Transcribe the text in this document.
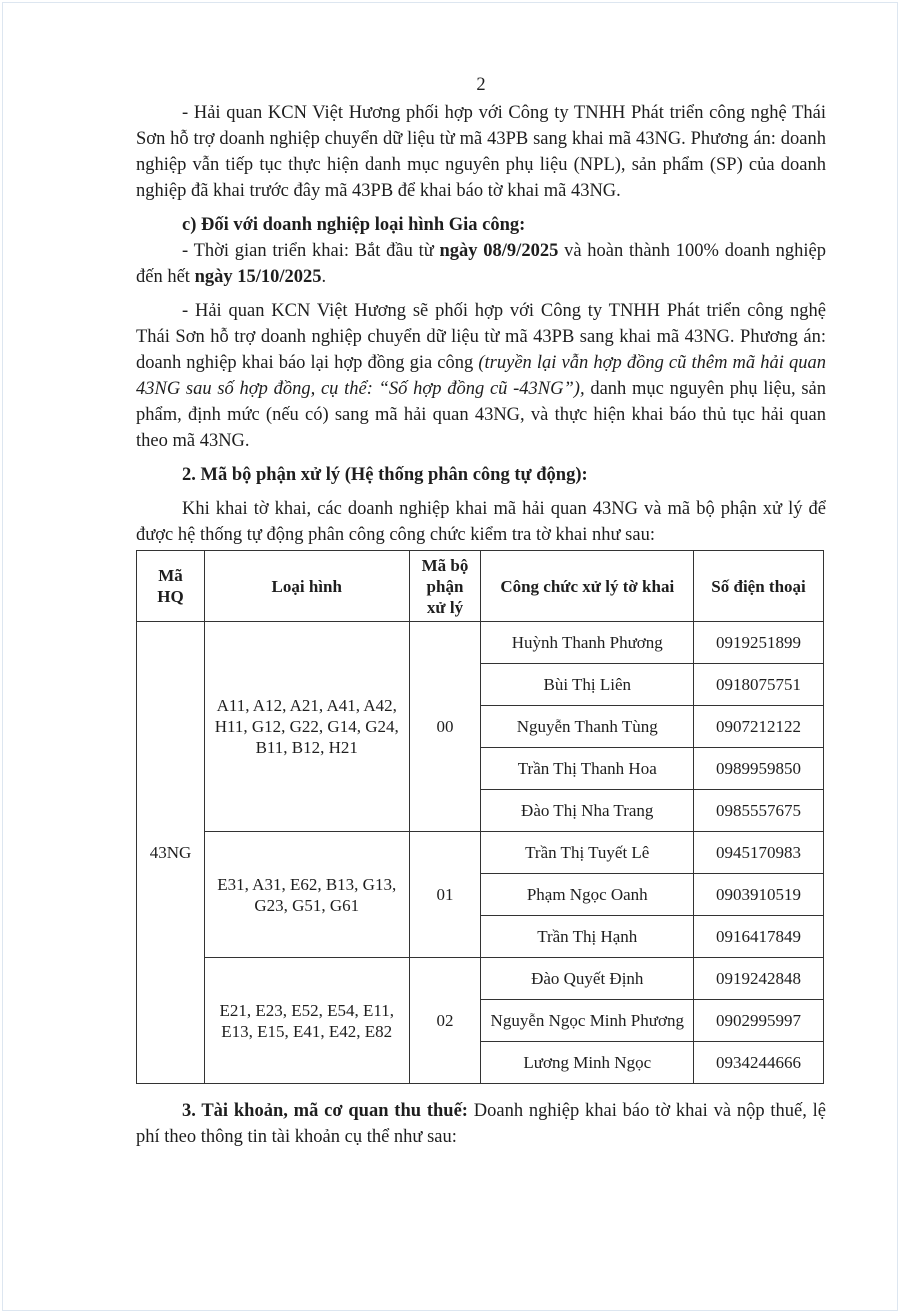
2

- Hải quan KCN Việt Hương phối hợp với Công ty TNHH Phát triển công nghệ Thái Sơn hỗ trợ doanh nghiệp chuyển dữ liệu từ mã 43PB sang khai mã 43NG. Phương án: doanh nghiệp vẫn tiếp tục thực hiện danh mục nguyên phụ liệu (NPL), sản phẩm (SP) của doanh nghiệp đã khai trước đây mã 43PB để khai báo tờ khai mã 43NG.

c) Đối với doanh nghiệp loại hình Gia công:

- Thời gian triển khai: Bắt đầu từ ngày 08/9/2025 và hoàn thành 100% doanh nghiệp đến hết ngày 15/10/2025.

- Hải quan KCN Việt Hương sẽ phối hợp với Công ty TNHH Phát triển công nghệ Thái Sơn hỗ trợ doanh nghiệp chuyển dữ liệu từ mã 43PB sang khai mã 43NG. Phương án: doanh nghiệp khai báo lại hợp đồng gia công (truyền lại vẫn hợp đồng cũ thêm mã hải quan 43NG sau số hợp đồng, cụ thể: “Số hợp đồng cũ -43NG”), danh mục nguyên phụ liệu, sản phẩm, định mức (nếu có) sang mã hải quan 43NG, và thực hiện khai báo thủ tục hải quan theo mã 43NG.

2. Mã bộ phận xử lý (Hệ thống phân công tự động):

Khi khai tờ khai, các doanh nghiệp khai mã hải quan 43NG và mã bộ phận xử lý để được hệ thống tự động phân công công chức kiểm tra tờ khai như sau:

Mã HQ	Loại hình	Mã bộ phận xử lý	Công chức xử lý tờ khai	Số điện thoại
43NG	A11, A12, A21, A41, A42, H11, G12, G22, G14, G24, B11, B12, H21	00	Huỳnh Thanh Phương	0919251899
			Bùi Thị Liên	0918075751
			Nguyễn Thanh Tùng	0907212122
			Trần Thị Thanh Hoa	0989959850
			Đào Thị Nha Trang	0985557675
	E31, A31, E62, B13, G13, G23, G51, G61	01	Trần Thị Tuyết Lê	0945170983
			Phạm Ngọc Oanh	0903910519
			Trần Thị Hạnh	0916417849
	E21, E23, E52, E54, E11, E13, E15, E41, E42, E82	02	Đào Quyết Định	0919242848
			Nguyễn Ngọc Minh Phương	0902995997
			Lương Minh Ngọc	0934244666

3. Tài khoản, mã cơ quan thu thuế: Doanh nghiệp khai báo tờ khai và nộp thuế, lệ phí theo thông tin tài khoản cụ thể như sau:
